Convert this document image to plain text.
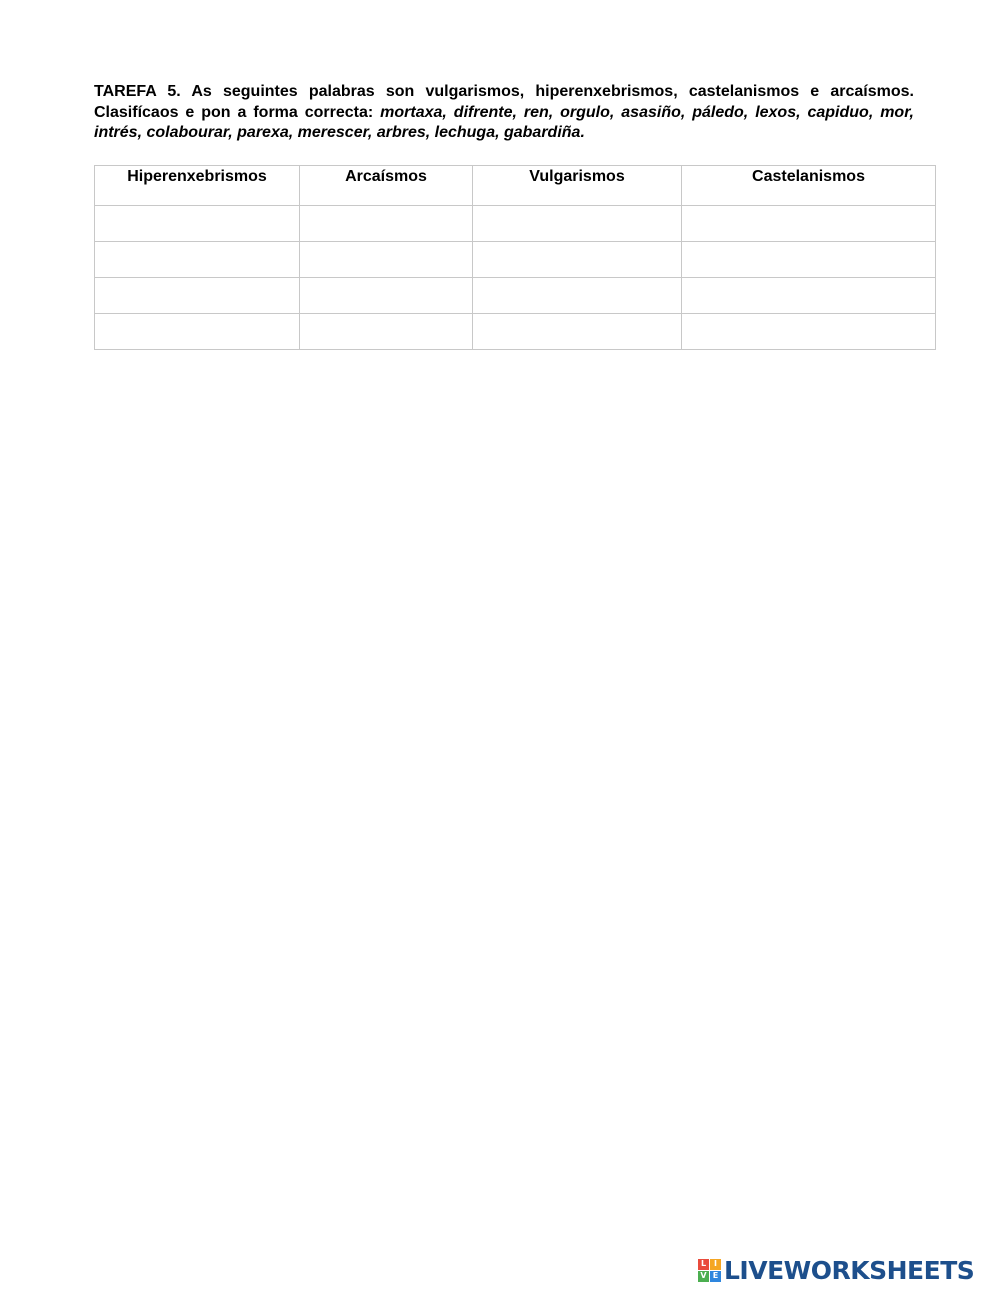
TAREFA 5. As seguintes palabras son vulgarismos, hiperenxebrismos, castelanismos e arcaísmos. Clasifícaos e pon a forma correcta: mortaxa, difrente, ren, orgulo, asasiño, páledo, lexos, capiduo, mor, intrés, colabourar, parexa, merescer, arbres, lechuga, gabardiña.

Hiperenxebrismos	Arcaísmos	Vulgarismos	Castelanismos

L I
V E LIVEWORKSHEETS
